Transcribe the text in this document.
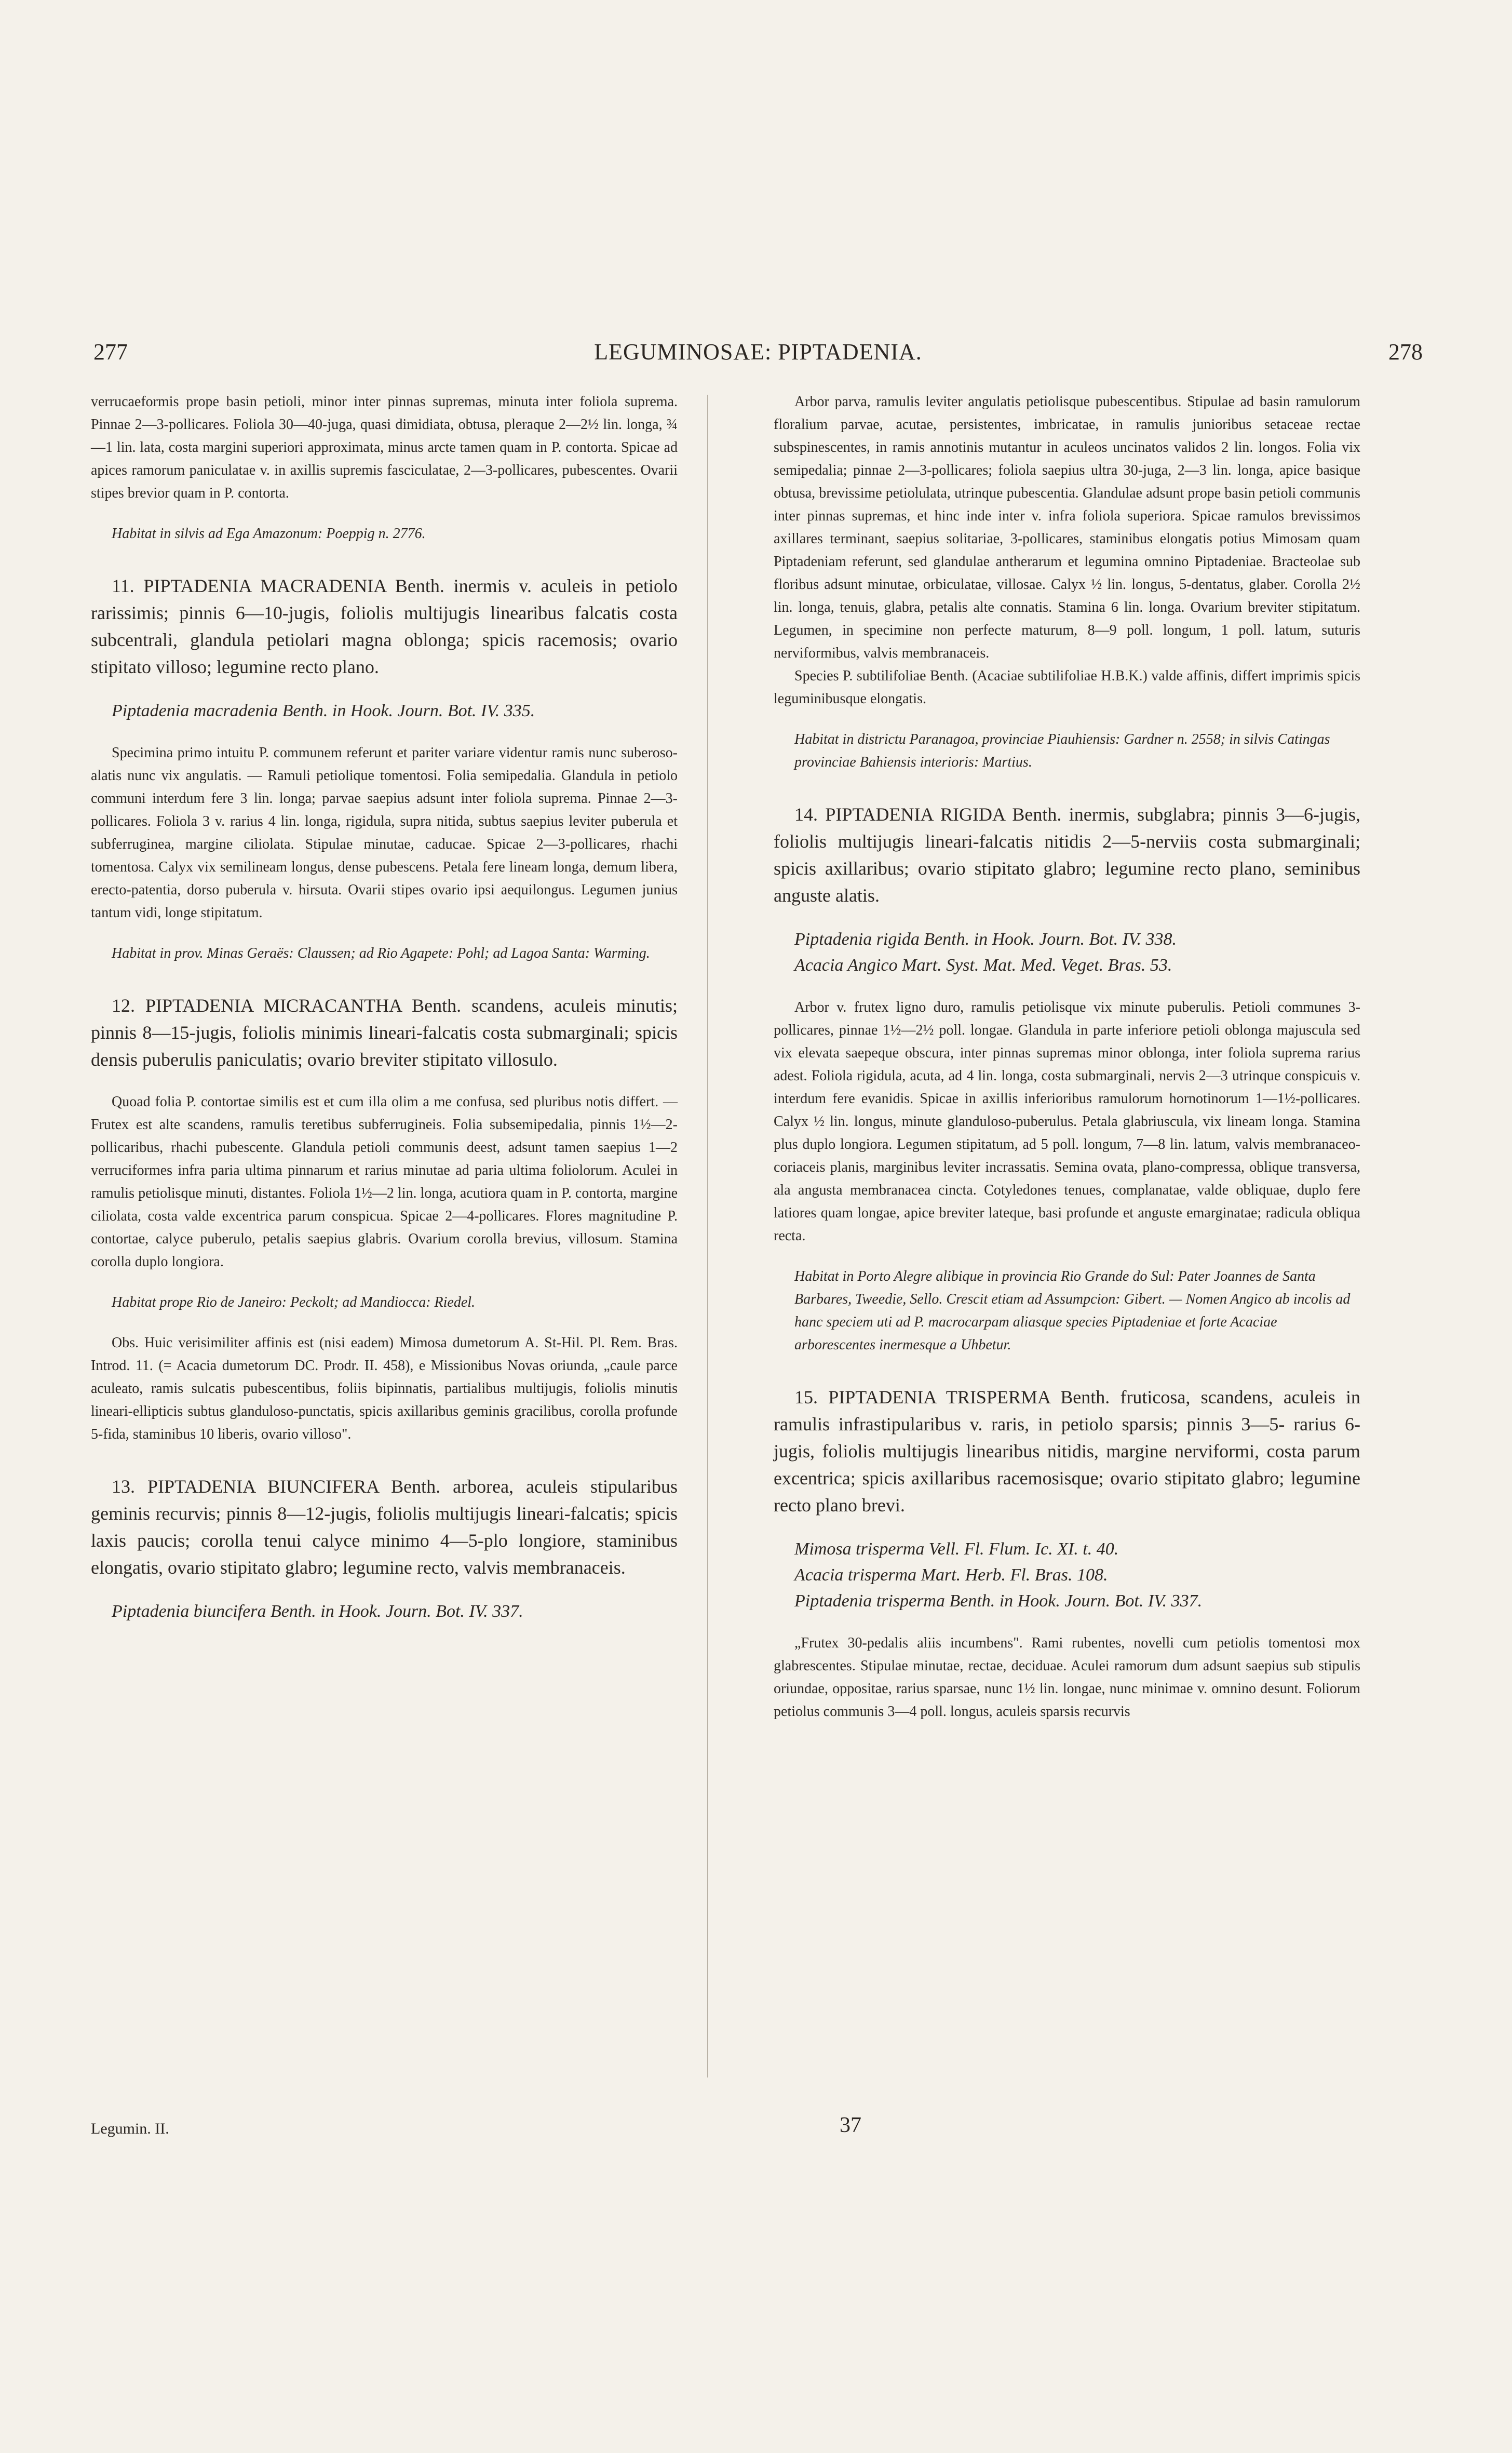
277	LEGUMINOSAE: PIPTADENIA.	278

verrucaeformis prope basin petioli, minor inter pinnas supremas, minuta inter foliola suprema. Pinnae 2—3-pollicares. Foliola 30—40-juga, quasi dimidiata, obtusa, pleraque 2—2½ lin. longa, ¾—1 lin. lata, costa margini superiori approximata, minus arcte tamen quam in P. contorta. Spicae ad apices ramorum paniculatae v. in axillis supremis fasciculatae, 2—3-pollicares, pubescentes. Ovarii stipes brevior quam in P. contorta.

Habitat in silvis ad Ega Amazonum: Poeppig n. 2776.

11. PIPTADENIA MACRADENIA Benth. inermis v. aculeis in petiolo rarissimis; pinnis 6—10-jugis, foliolis multijugis linearibus falcatis costa subcentrali, glandula petiolari magna oblonga; spicis racemosis; ovario stipitato villoso; legumine recto plano.

Piptadenia macradenia Benth. in Hook. Journ. Bot. IV. 335.

Specimina primo intuitu P. communem referunt et pariter variare videntur ramis nunc suberoso-alatis nunc vix angulatis. — Ramuli petiolique tomentosi. Folia semipedalia. Glandula in petiolo communi interdum fere 3 lin. longa; parvae saepius adsunt inter foliola suprema. Pinnae 2—3-pollicares. Foliola 3 v. rarius 4 lin. longa, rigidula, supra nitida, subtus saepius leviter puberula et subferruginea, margine ciliolata. Stipulae minutae, caducae. Spicae 2—3-pollicares, rhachi tomentosa. Calyx vix semilineam longus, dense pubescens. Petala fere lineam longa, demum libera, erecto-patentia, dorso puberula v. hirsuta. Ovarii stipes ovario ipsi aequilongus. Legumen junius tantum vidi, longe stipitatum.

Habitat in prov. Minas Geraës: Claussen; ad Rio Agapete: Pohl; ad Lagoa Santa: Warming.

12. PIPTADENIA MICRACANTHA Benth. scandens, aculeis minutis; pinnis 8—15-jugis, foliolis minimis lineari-falcatis costa submarginali; spicis densis puberulis paniculatis; ovario breviter stipitato villosulo.

Quoad folia P. contortae similis est et cum illa olim a me confusa, sed pluribus notis differt. — Frutex est alte scandens, ramulis teretibus subferrugineis. Folia subsemipedalia, pinnis 1½—2-pollicaribus, rhachi pubescente. Glandula petioli communis deest, adsunt tamen saepius 1—2 verruciformes infra paria ultima pinnarum et rarius minutae ad paria ultima foliolorum. Aculei in ramulis petiolisque minuti, distantes. Foliola 1½—2 lin. longa, acutiora quam in P. contorta, margine ciliolata, costa valde excentrica parum conspicua. Spicae 2—4-pollicares. Flores magnitudine P. contortae, calyce puberulo, petalis saepius glabris. Ovarium corolla brevius, villosum. Stamina corolla duplo longiora.

Habitat prope Rio de Janeiro: Peckolt; ad Mandiocca: Riedel.

Obs. Huic verisimiliter affinis est (nisi eadem) Mimosa dumetorum A. St-Hil. Pl. Rem. Bras. Introd. 11. (= Acacia dumetorum DC. Prodr. II. 458), e Missionibus Novas oriunda, „caule parce aculeato, ramis sulcatis pubescentibus, foliis bipinnatis, partialibus multijugis, foliolis minutis lineari-ellipticis subtus glanduloso-punctatis, spicis axillaribus geminis gracilibus, corolla profunde 5-fida, staminibus 10 liberis, ovario villoso".

13. PIPTADENIA BIUNCIFERA Benth. arborea, aculeis stipularibus geminis recurvis; pinnis 8—12-jugis, foliolis multijugis lineari-falcatis; spicis laxis paucis; corolla tenui calyce minimo 4—5-plo longiore, staminibus elongatis, ovario stipitato glabro; legumine recto, valvis membranaceis.

Piptadenia biuncifera Benth. in Hook. Journ. Bot. IV. 337.

Arbor parva, ramulis leviter angulatis petiolisque pubescentibus. Stipulae ad basin ramulorum floralium parvae, acutae, persistentes, imbricatae, in ramulis junioribus setaceae rectae subspinescentes, in ramis annotinis mutantur in aculeos uncinatos validos 2 lin. longos. Folia vix semipedalia; pinnae 2—3-pollicares; foliola saepius ultra 30-juga, 2—3 lin. longa, apice basique obtusa, brevissime petiolulata, utrinque pubescentia. Glandulae adsunt prope basin petioli communis inter pinnas supremas, et hinc inde inter v. infra foliola superiora. Spicae ramulos brevissimos axillares terminant, saepius solitariae, 3-pollicares, staminibus elongatis potius Mimosam quam Piptadeniam referunt, sed glandulae antherarum et legumina omnino Piptadeniae. Bracteolae sub floribus adsunt minutae, orbiculatae, villosae. Calyx ½ lin. longus, 5-dentatus, glaber. Corolla 2½ lin. longa, tenuis, glabra, petalis alte connatis. Stamina 6 lin. longa. Ovarium breviter stipitatum. Legumen, in specimine non perfecte maturum, 8—9 poll. longum, 1 poll. latum, suturis nerviformibus, valvis membranaceis.

Species P. subtilifoliae Benth. (Acaciae subtilifoliae H.B.K.) valde affinis, differt imprimis spicis leguminibusque elongatis.

Habitat in districtu Paranagoa, provinciae Piauhiensis: Gardner n. 2558; in silvis Catingas provinciae Bahiensis interioris: Martius.

14. PIPTADENIA RIGIDA Benth. inermis, subglabra; pinnis 3—6-jugis, foliolis multijugis lineari-falcatis nitidis 2—5-nerviis costa submarginali; spicis axillaribus; ovario stipitato glabro; legumine recto plano, seminibus anguste alatis.

Piptadenia rigida Benth. in Hook. Journ. Bot. IV. 338.

Acacia Angico Mart. Syst. Mat. Med. Veget. Bras. 53.

Arbor v. frutex ligno duro, ramulis petiolisque vix minute puberulis. Petioli communes 3-pollicares, pinnae 1½—2½ poll. longae. Glandula in parte inferiore petioli oblonga majuscula sed vix elevata saepeque obscura, inter pinnas supremas minor oblonga, inter foliola suprema rarius adest. Foliola rigidula, acuta, ad 4 lin. longa, costa submarginali, nervis 2—3 utrinque conspicuis v. interdum fere evanidis. Spicae in axillis inferioribus ramulorum hornotinorum 1—1½-pollicares. Calyx ½ lin. longus, minute glanduloso-puberulus. Petala glabriuscula, vix lineam longa. Stamina plus duplo longiora. Legumen stipitatum, ad 5 poll. longum, 7—8 lin. latum, valvis membranaceo-coriaceis planis, marginibus leviter incrassatis. Semina ovata, plano-compressa, oblique transversa, ala angusta membranacea cincta. Cotyledones tenues, complanatae, valde obliquae, duplo fere latiores quam longae, apice breviter lateque, basi profunde et anguste emarginatae; radicula obliqua recta.

Habitat in Porto Alegre alibique in provincia Rio Grande do Sul: Pater Joannes de Santa Barbares, Tweedie, Sello. Crescit etiam ad Assumpcion: Gibert. — Nomen Angico ab incolis ad hanc speciem uti ad P. macrocarpam aliasque species Piptadeniae et forte Acaciae arborescentes inermesque a Uhbetur.

15. PIPTADENIA TRISPERMA Benth. fruticosa, scandens, aculeis in ramulis infrastipularibus v. raris, in petiolo sparsis; pinnis 3—5- rarius 6-jugis, foliolis multijugis linearibus nitidis, margine nerviformi, costa parum excentrica; spicis axillaribus racemosisque; ovario stipitato glabro; legumine recto plano brevi.

Mimosa trisperma Vell. Fl. Flum. Ic. XI. t. 40.

Acacia trisperma Mart. Herb. Fl. Bras. 108.

Piptadenia trisperma Benth. in Hook. Journ. Bot. IV. 337.

„Frutex 30-pedalis aliis incumbens". Rami rubentes, novelli cum petiolis tomentosi mox glabrescentes. Stipulae minutae, rectae, deciduae. Aculei ramorum dum adsunt saepius sub stipulis oriundae, oppositae, rarius sparsae, nunc 1½ lin. longae, nunc minimae v. omnino desunt. Foliorum petiolus communis 3—4 poll. longus, aculeis sparsis recurvis

Legumin. II.	37
